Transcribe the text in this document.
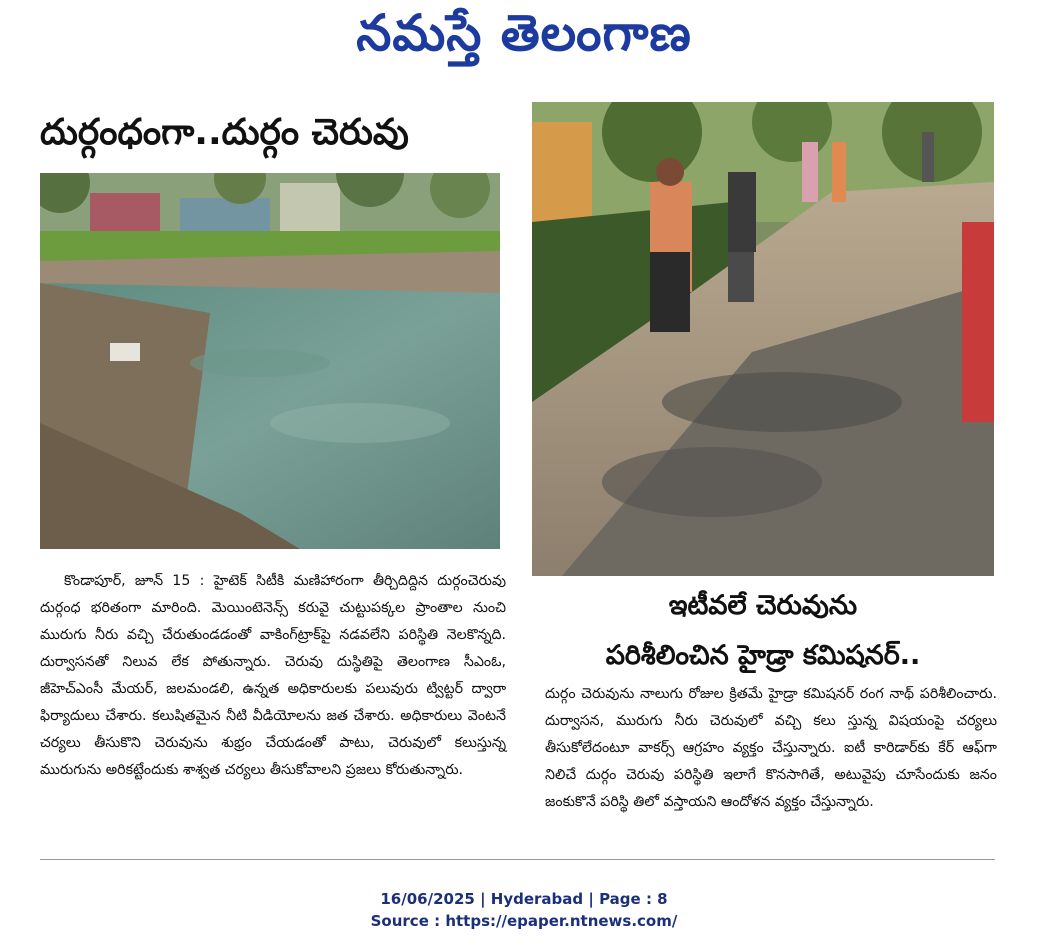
నమస్తే తెలంగాణ
దుర్గంధంగా..దుర్గం చెరువు
కొండాపూర్‌, జూన్‌ 15 : హైటెక్‌ సిటీకి మణిహారంగా తీర్చిదిద్దిన దుర్గంచెరువు దుర్గంధ భరితంగా మారింది. మెయింటెనెన్స్‌ కరువై చుట్టుపక్కల ప్రాంతాల నుంచి మురుగు నీరు వచ్చి చేరుతుండడంతో వాకింగ్‌ట్రాక్‌పై నడవలేని పరిస్థితి నెలకొన్నది. దుర్వాసనతో నిలువ లేక పోతున్నారు. చెరువు దుస్థితిపై తెలంగాణ సీఎంఓ, జీహెచ్‌ఎంసీ మేయర్‌, జలమండలి, ఉన్నత అధికారులకు పలువురు ట్విట్టర్‌ ద్వారా ఫిర్యాదులు చేశారు. కలుషితమైన నీటి వీడియోలను జత చేశారు. అధికారులు వెంటనే చర్యలు తీసుకొని చెరువును శుభ్రం చేయడంతో పాటు, చెరువులో కలుస్తున్న మురుగును అరికట్టేందుకు శాశ్వత చర్యలు తీసుకోవాలని ప్రజలు కోరుతున్నారు.
ఇటీవలే చెరువును
పరిశీలించిన హైడ్రా కమిషనర్‌..
దుర్గం చెరువును నాలుగు రోజుల క్రితమే హైడ్రా కమిషనర్‌ రంగ నాథ్‌ పరిశీలించారు. దుర్వాసన, మురుగు నీరు చెరువులో వచ్చి కలు స్తున్న విషయంపై చర్యలు తీసుకోలేదంటూ వాకర్స్‌ ఆగ్రహం వ్యక్తం చేస్తున్నారు. ఐటీ కారిడార్‌కు కేర్‌ ఆఫ్‌గా నిలిచే దుర్గం చెరువు పరిస్థితి ఇలాగే కొనసాగితే, అటువైపు చూసేందుకు జనం జంకుకొనే పరిస్థి తిలో వస్తాయని ఆందోళన వ్యక్తం చేస్తున్నారు.
16/06/2025 | Hyderabad | Page : 8
Source : https://epaper.ntnews.com/
